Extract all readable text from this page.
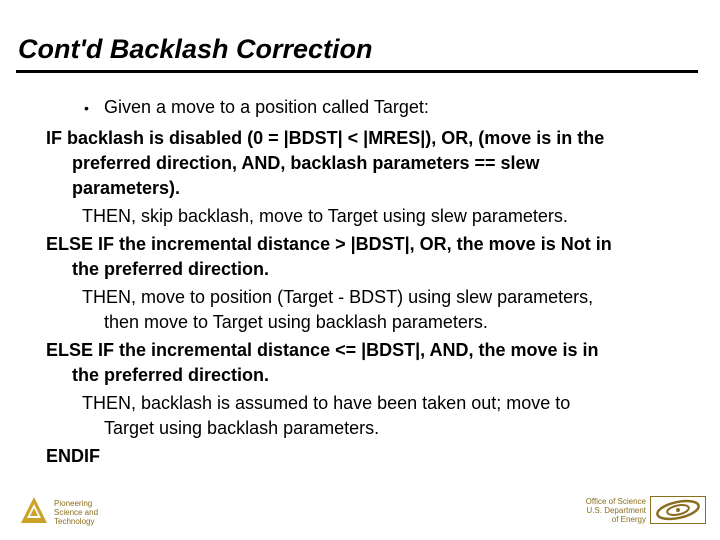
Cont'd Backlash Correction
• Given a move to a position called Target:
IF backlash is disabled (0 = |BDST| < |MRES|), OR, (move is in the
preferred direction, AND, backlash parameters == slew
parameters).
THEN, skip backlash, move to Target using slew parameters.
ELSE IF the incremental distance > |BDST|, OR, the move is Not in
the preferred direction.
THEN, move to position (Target - BDST) using slew parameters,
then move to Target using backlash parameters.
ELSE IF the incremental distance <= |BDST|, AND, the move is in
the preferred direction.
THEN, backlash is assumed to have been taken out; move to
Target using backlash parameters.
ENDIF
Pioneering
Science and
Technology
Office of Science
U.S. Department
of Energy
